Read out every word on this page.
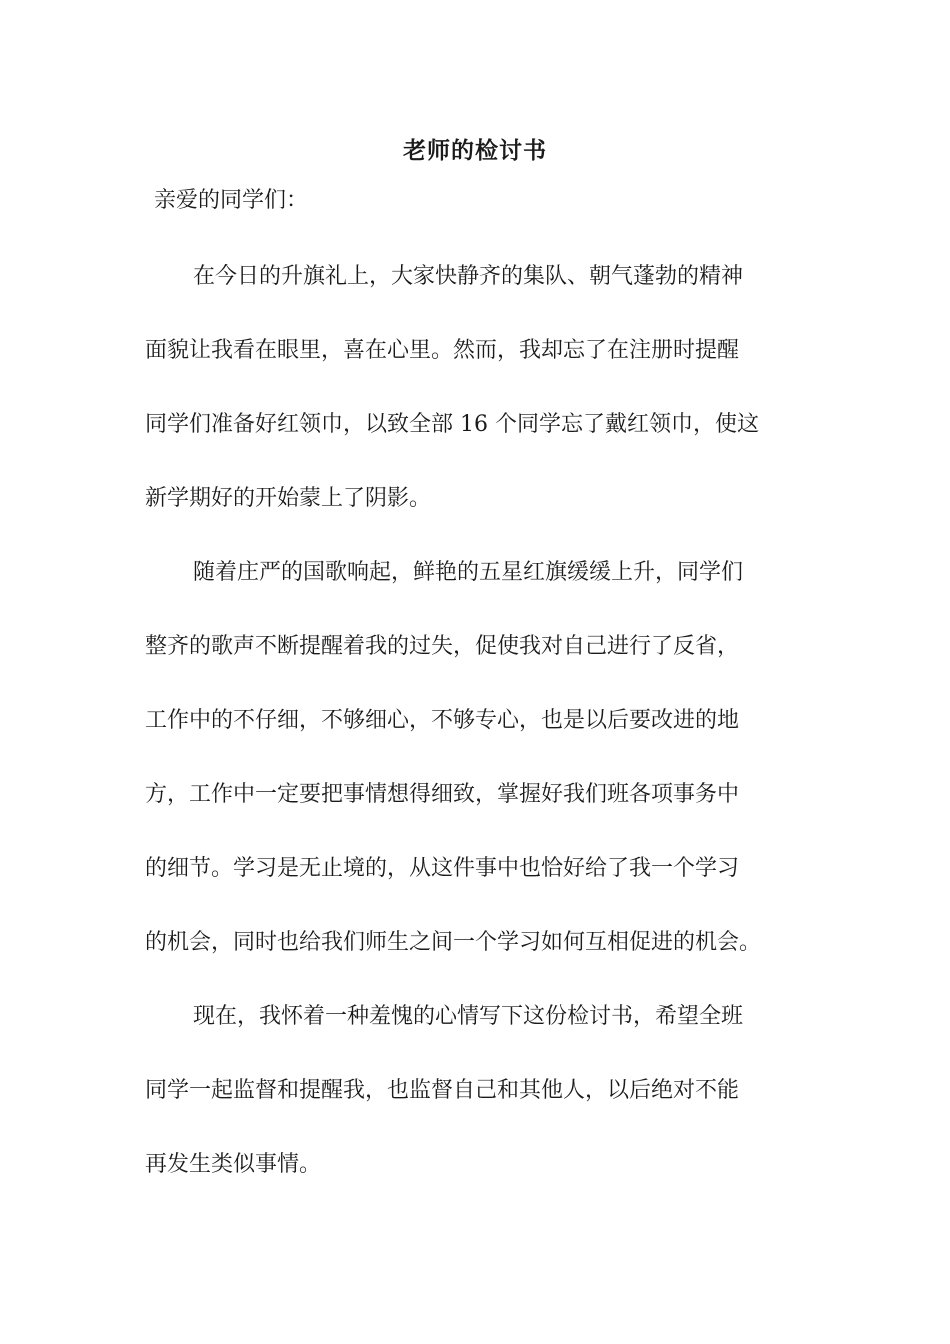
老师的检讨书
亲爱的同学们：
在今日的升旗礼上，大家快静齐的集队、朝气蓬勃的精神
面貌让我看在眼里，喜在心里。然而，我却忘了在注册时提醒
同学们准备好红领巾，以致全部 16 个同学忘了戴红领巾，使这
新学期好的开始蒙上了阴影。
随着庄严的国歌响起，鲜艳的五星红旗缓缓上升，同学们
整齐的歌声不断提醒着我的过失，促使我对自己进行了反省，
工作中的不仔细，不够细心，不够专心，也是以后要改进的地
方，工作中一定要把事情想得细致，掌握好我们班各项事务中
的细节。学习是无止境的，从这件事中也恰好给了我一个学习
的机会，同时也给我们师生之间一个学习如何互相促进的机会。
现在，我怀着一种羞愧的心情写下这份检讨书，希望全班
同学一起监督和提醒我，也监督自己和其他人，以后绝对不能
再发生类似事情。
